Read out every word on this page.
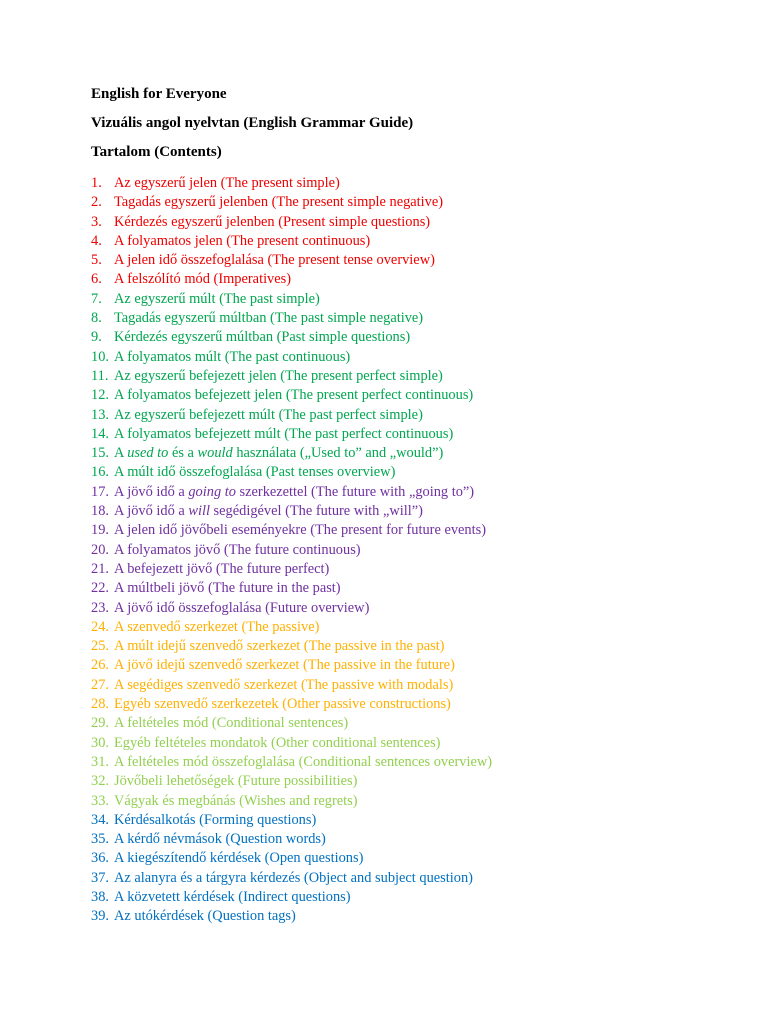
English for Everyone
Vizuális angol nyelvtan (English Grammar Guide)
Tartalom (Contents)
1. Az egyszerű jelen (The present simple)
2. Tagadás egyszerű jelenben (The present simple negative)
3. Kérdezés egyszerű jelenben (Present simple questions)
4. A folyamatos jelen (The present continuous)
5. A jelen idő összefoglalása (The present tense overview)
6. A felszólító mód (Imperatives)
7. Az egyszerű múlt (The past simple)
8. Tagadás egyszerű múltban (The past simple negative)
9. Kérdezés egyszerű múltban (Past simple questions)
10. A folyamatos múlt (The past continuous)
11. Az egyszerű befejezett jelen (The present perfect simple)
12. A folyamatos befejezett jelen (The present perfect continuous)
13. Az egyszerű befejezett múlt (The past perfect simple)
14. A folyamatos befejezett múlt (The past perfect continuous)
15. A used to és a would használata („Used to” and „would”)
16. A múlt idő összefoglalása (Past tenses overview)
17. A jövő idő a going to szerkezettel (The future with „going to”)
18. A jövő idő a will segédigével (The future with „will”)
19. A jelen idő jövőbeli eseményekre (The present for future events)
20. A folyamatos jövő (The future continuous)
21. A befejezett jövő (The future perfect)
22. A múltbeli jövő (The future in the past)
23. A jövő idő összefoglalása (Future overview)
24. A szenvedő szerkezet (The passive)
25. A múlt idejű szenvedő szerkezet (The passive in the past)
26. A jövő idejű szenvedő szerkezet (The passive in the future)
27. A segédiges szenvedő szerkezet (The passive with modals)
28. Egyéb szenvedő szerkezetek (Other passive constructions)
29. A feltételes mód (Conditional sentences)
30. Egyéb feltételes mondatok (Other conditional sentences)
31. A feltételes mód összefoglalása (Conditional sentences overview)
32. Jövőbeli lehetőségek (Future possibilities)
33. Vágyak és megbánás (Wishes and regrets)
34. Kérdésalkotás (Forming questions)
35. A kérdő névmások (Question words)
36. A kiegészítendő kérdések (Open questions)
37. Az alanyra és a tárgyra kérdezés (Object and subject question)
38. A közvetett kérdések (Indirect questions)
39. Az utókérdések (Question tags)
